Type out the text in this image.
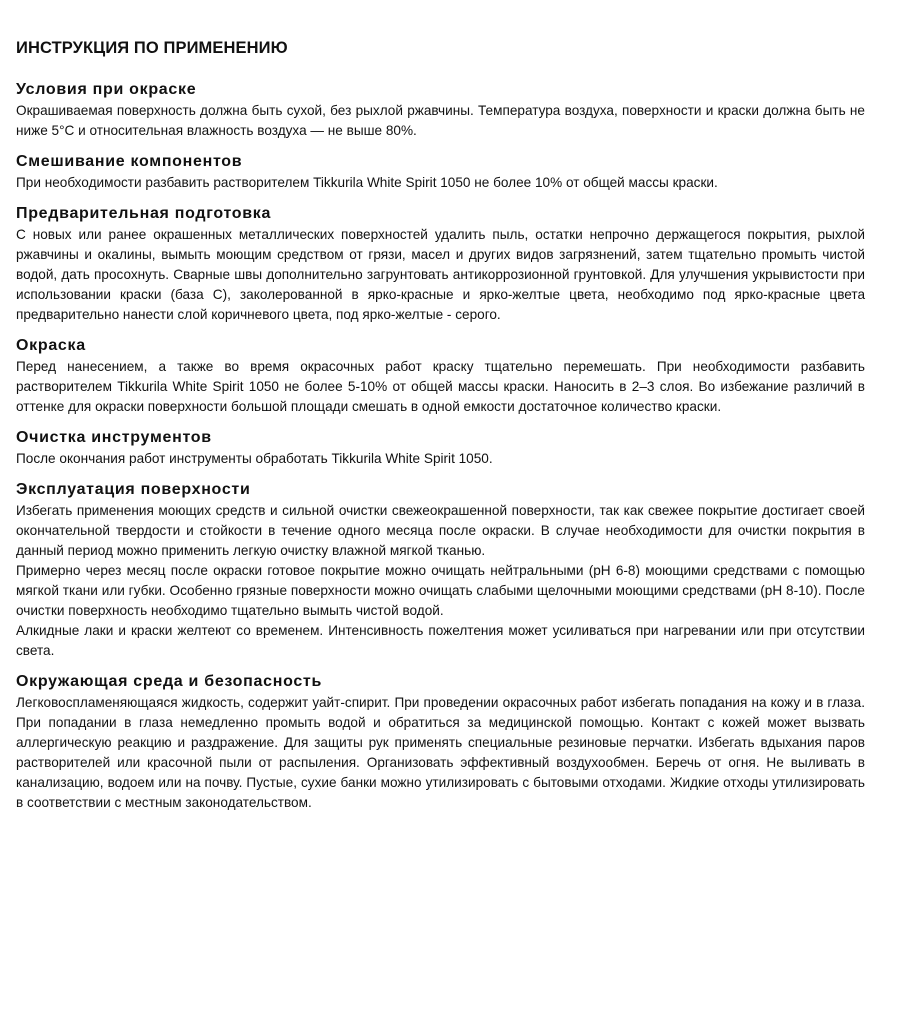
ИНСТРУКЦИЯ ПО ПРИМЕНЕНИЮ
Условия при окраске

Окрашиваемая поверхность должна быть сухой, без рыхлой ржавчины. Температура воздуха, поверхности и краски должна быть не ниже 5°C и относительная влажность воздуха — не выше 80%.

Смешивание компонентов

При необходимости разбавить растворителем Tikkurila White Spirit 1050 не более 10% от общей массы краски.

Предварительная подготовка

С новых или ранее окрашенных металлических поверхностей удалить пыль, остатки непрочно держащегося покрытия, рыхлой ржавчины и окалины, вымыть моющим средством от грязи, масел и других видов загрязнений, затем тщательно промыть чистой водой, дать просохнуть. Сварные швы дополнительно загрунтовать антикоррозионной грунтовкой. Для улучшения укрывистости при использовании краски (база С), заколерованной в ярко-красные и ярко-желтые цвета, необходимо под ярко-красные цвета предварительно нанести слой коричневого цвета, под ярко-желтые - серого.

Окраска

Перед нанесением, а также во время окрасочных работ краску тщательно перемешать. При необходимости разбавить растворителем Tikkurila White Spirit 1050 не более 5-10% от общей массы краски. Наносить в 2–3 слоя. Во избежание различий в оттенке для окраски поверхности большой площади смешать в одной емкости достаточное количество краски.

Очистка инструментов

После окончания работ инструменты обработать Tikkurila White Spirit 1050.

Эксплуатация поверхности

Избегать применения моющих средств и сильной очистки свежеокрашенной поверхности, так как свежее покрытие достигает своей окончательной твердости и стойкости в течение одного месяца после окраски. В случае необходимости для очистки покрытия в данный период можно применить легкую очистку влажной мягкой тканью.

Примерно через месяц после окраски готовое покрытие можно очищать нейтральными (pH 6-8) моющими средствами с помощью мягкой ткани или губки. Особенно грязные поверхности можно очищать слабыми щелочными моющими средствами (pH 8-10). После очистки поверхность необходимо тщательно вымыть чистой водой.

Алкидные лаки и краски желтеют со временем. Интенсивность пожелтения может усиливаться при нагревании или при отсутствии света.

Окружающая среда и безопасность

Легковоспламеняющаяся жидкость, содержит уайт-спирит. При проведении окрасочных работ избегать попадания на кожу и в глаза. При попадании в глаза немедленно промыть водой и обратиться за медицинской помощью. Контакт с кожей может вызвать аллергическую реакцию и раздражение. Для защиты рук применять специальные резиновые перчатки. Избегать вдыхания паров растворителей или красочной пыли от распыления. Организовать эффективный воздухообмен. Беречь от огня. Не выливать в канализацию, водоем или на почву. Пустые, сухие банки можно утилизировать с бытовыми отходами. Жидкие отходы утилизировать в соответствии с местным законодательством.
